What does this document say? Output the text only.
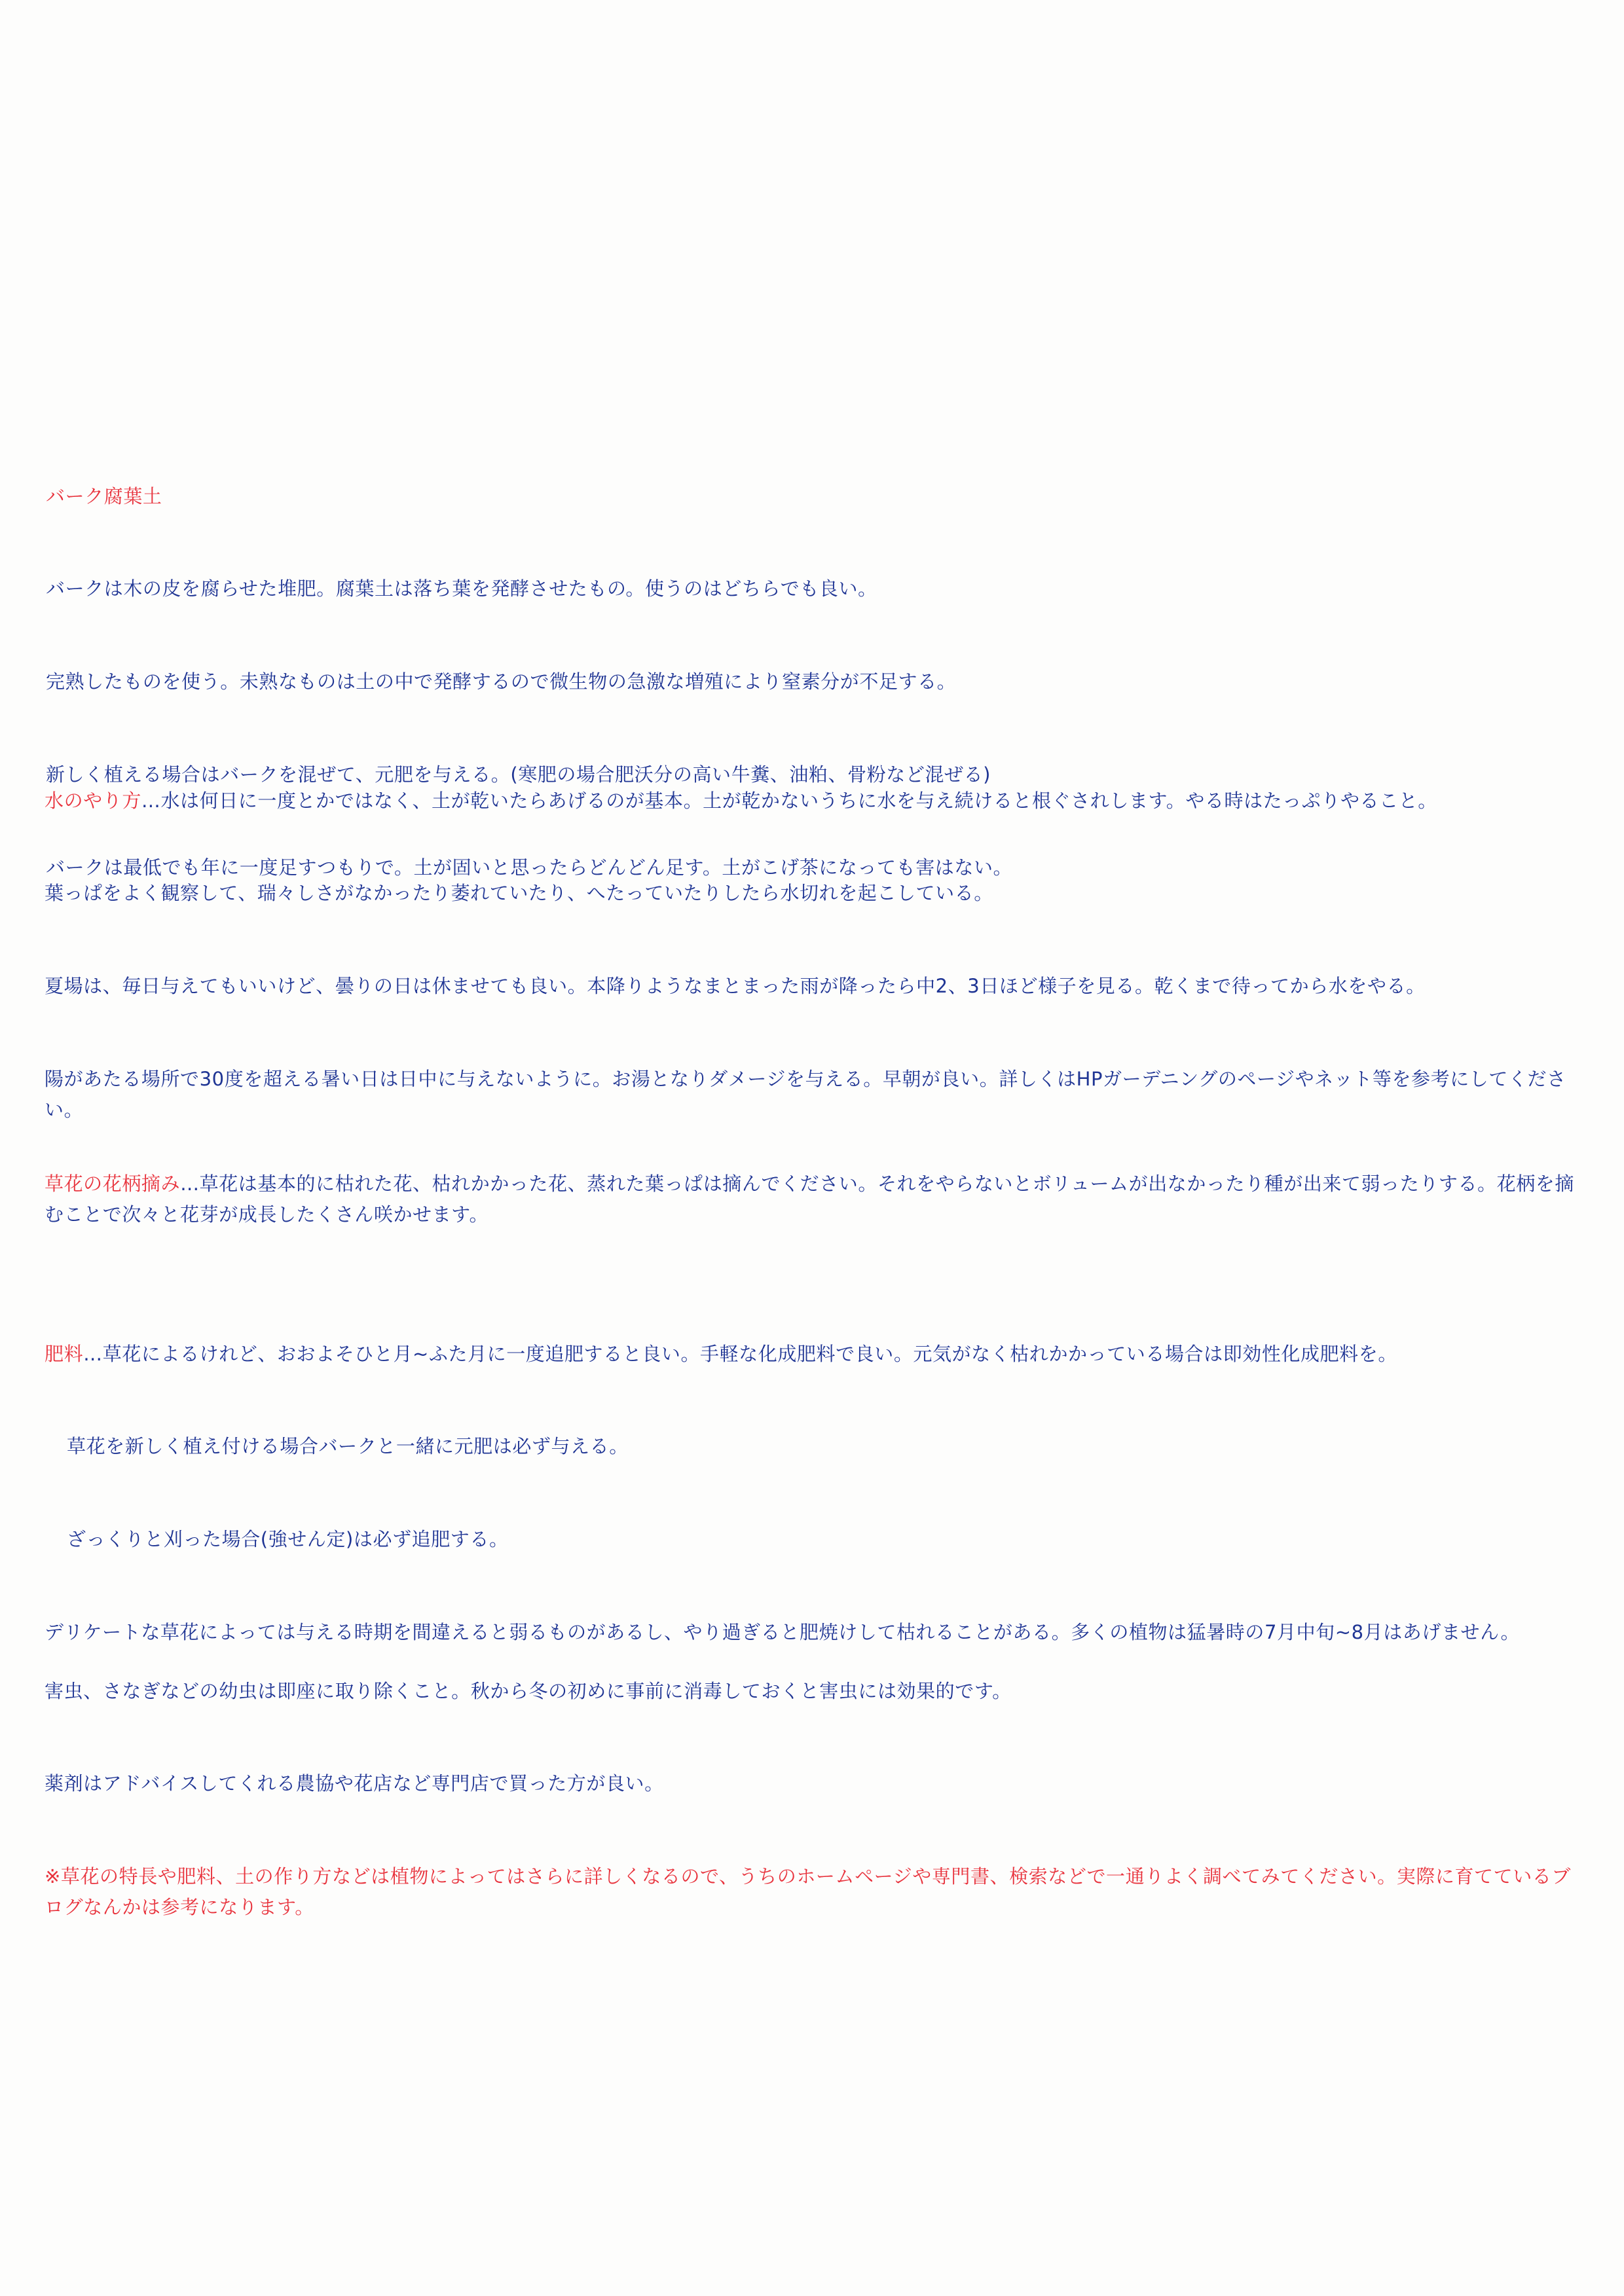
バーク腐葉土

バークは木の皮を腐らせた堆肥。腐葉土は落ち葉を発酵させたもの。使うのはどちらでも良い。

完熟したものを使う。未熟なものは土の中で発酵するので微生物の急激な増殖により窒素分が不足する。

新しく植える場合はバークを混ぜて、元肥を与える。(寒肥の場合肥沃分の高い牛糞、油粕、骨粉など混ぜる)

バークは最低でも年に一度足すつもりで。土が固いと思ったらどんどん足す。土がこげ茶になっても害はない。

水のやり方…水は何日に一度とかではなく、土が乾いたらあげるのが基本。土が乾かないうちに水を与え続けると根ぐされします。やる時はたっぷりやること。

葉っぱをよく観察して、瑞々しさがなかったり萎れていたり、へたっていたりしたら水切れを起こしている。

夏場は、毎日与えてもいいけど、曇りの日は休ませても良い。本降りようなまとまった雨が降ったら中2、3日ほど様子を見る。乾くまで待ってから水をやる。

陽があたる場所で30度を超える暑い日は日中に与えないように。お湯となりダメージを与える。早朝が良い。詳しくはHPガーデニングのページやネット等を参考にしてください。

草花の花柄摘み…草花は基本的に枯れた花、枯れかかった花、蒸れた葉っぱは摘んでください。それをやらないとボリュームが出なかったり種が出来て弱ったりする。花柄を摘むことで次々と花芽が成長したくさん咲かせます。

肥料…草花によるけれど、おおよそひと月~ふた月に一度追肥すると良い。手軽な化成肥料で良い。元気がなく枯れかかっている場合は即効性化成肥料を。

草花を新しく植え付ける場合バークと一緒に元肥は必ず与える。

ざっくりと刈った場合(強せん定)は必ず追肥する。

デリケートな草花によっては与える時期を間違えると弱るものがあるし、やり過ぎると肥焼けして枯れることがある。多くの植物は猛暑時の7月中旬~8月はあげません。

害虫、さなぎなどの幼虫は即座に取り除くこと。秋から冬の初めに事前に消毒しておくと害虫には効果的です。

薬剤はアドバイスしてくれる農協や花店など専門店で買った方が良い。

※草花の特長や肥料、土の作り方などは植物によってはさらに詳しくなるので、うちのホームページや専門書、検索などで一通りよく調べてみてください。実際に育てているブログなんかは参考になります。
